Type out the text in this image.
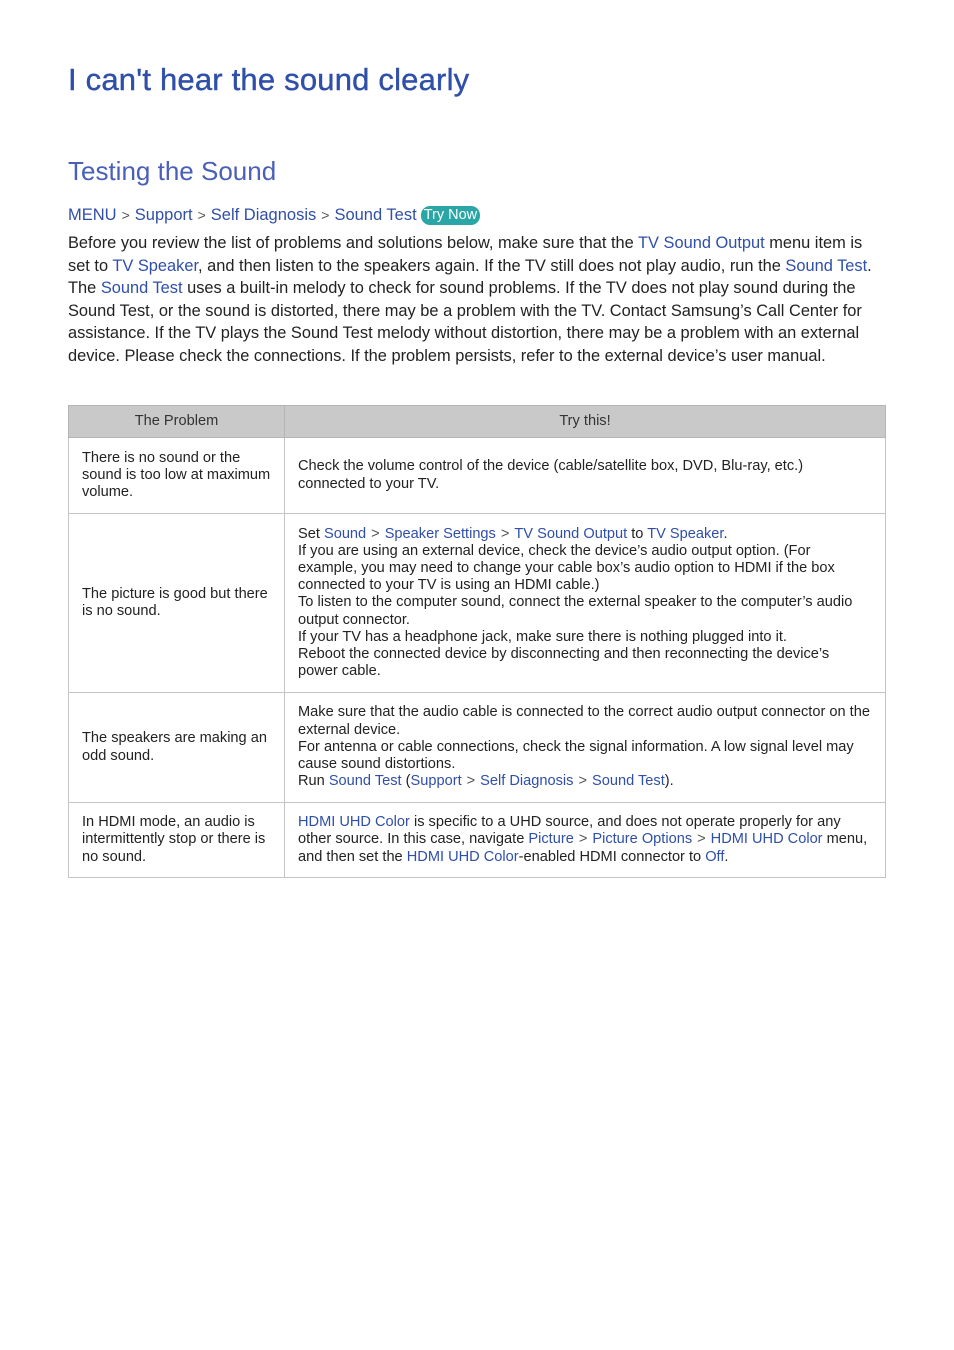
I can't hear the sound clearly
Testing the Sound
MENU > Support > Self Diagnosis > Sound Test Try Now

Before you review the list of problems and solutions below, make sure that the TV Sound Output menu item is set to TV Speaker, and then listen to the speakers again. If the TV still does not play audio, run the Sound Test. The Sound Test uses a built-in melody to check for sound problems. If the TV does not play sound during the Sound Test, or the sound is distorted, there may be a problem with the TV. Contact Samsung’s Call Center for assistance. If the TV plays the Sound Test melody without distortion, there may be a problem with an external device. Please check the connections. If the problem persists, refer to the external device’s user manual.

The Problem	Try this!
There is no sound or the sound is too low at maximum volume.	Check the volume control of the device (cable/satellite box, DVD, Blu-ray, etc.) connected to your TV.
The picture is good but there is no sound.	Set Sound > Speaker Settings > TV Sound Output to TV Speaker.

If you are using an external device, check the device’s audio output option. (For example, you may need to change your cable box’s audio option to HDMI if the box connected to your TV is using an HDMI cable.)

To listen to the computer sound, connect the external speaker to the computer’s audio output connector.

If your TV has a headphone jack, make sure there is nothing plugged into it.

Reboot the connected device by disconnecting and then reconnecting the device’s power cable.

The speakers are making an odd sound.	Make sure that the audio cable is connected to the correct audio output connector on the external device.

For antenna or cable connections, check the signal information. A low signal level may cause sound distortions.

Run Sound Test (Support > Self Diagnosis > Sound Test).

In HDMI mode, an audio is intermittently stop or there is no sound.	HDMI UHD Color is specific to a UHD source, and does not operate properly for any other source. In this case, navigate Picture > Picture Options > HDMI UHD Color menu, and then set the HDMI UHD Color-enabled HDMI connector to Off.
